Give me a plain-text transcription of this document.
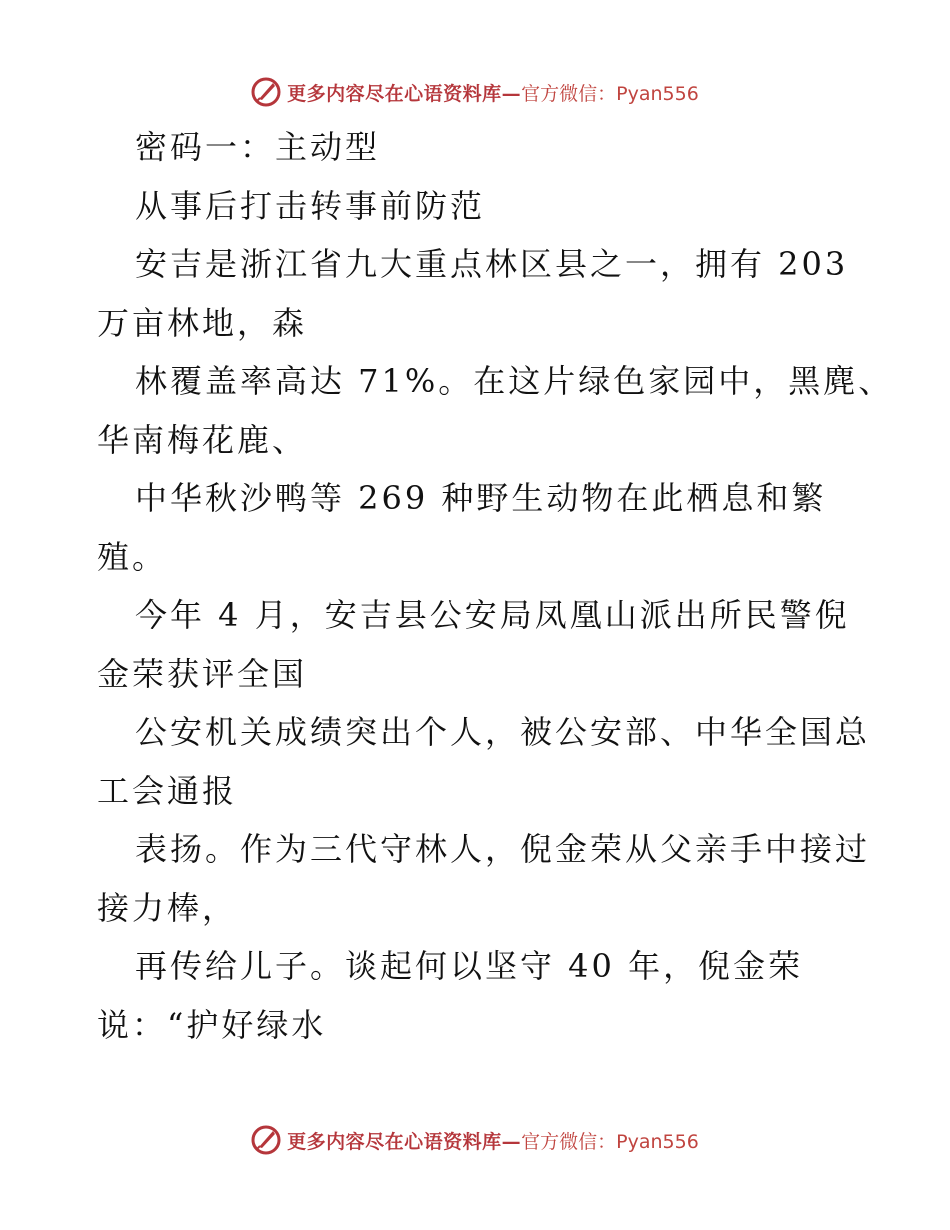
更多内容尽在心语资料库— 官方微信：Pyan556
密码一：主动型
从事后打击转事前防范
安吉是浙江省九大重点林区县之一，拥有 203
万亩林地，森
林覆盖率高达 71%。在这片绿色家园中，黑麂、
华南梅花鹿、
中华秋沙鸭等 269 种野生动物在此栖息和繁
殖。
今年 4 月，安吉县公安局凤凰山派出所民警倪
金荣获评全国
公安机关成绩突出个人，被公安部、中华全国总
工会通报
表扬。作为三代守林人，倪金荣从父亲手中接过
接力棒，
再传给儿子。谈起何以坚守 40 年，倪金荣
说：“护好绿水
更多内容尽在心语资料库— 官方微信：Pyan556
